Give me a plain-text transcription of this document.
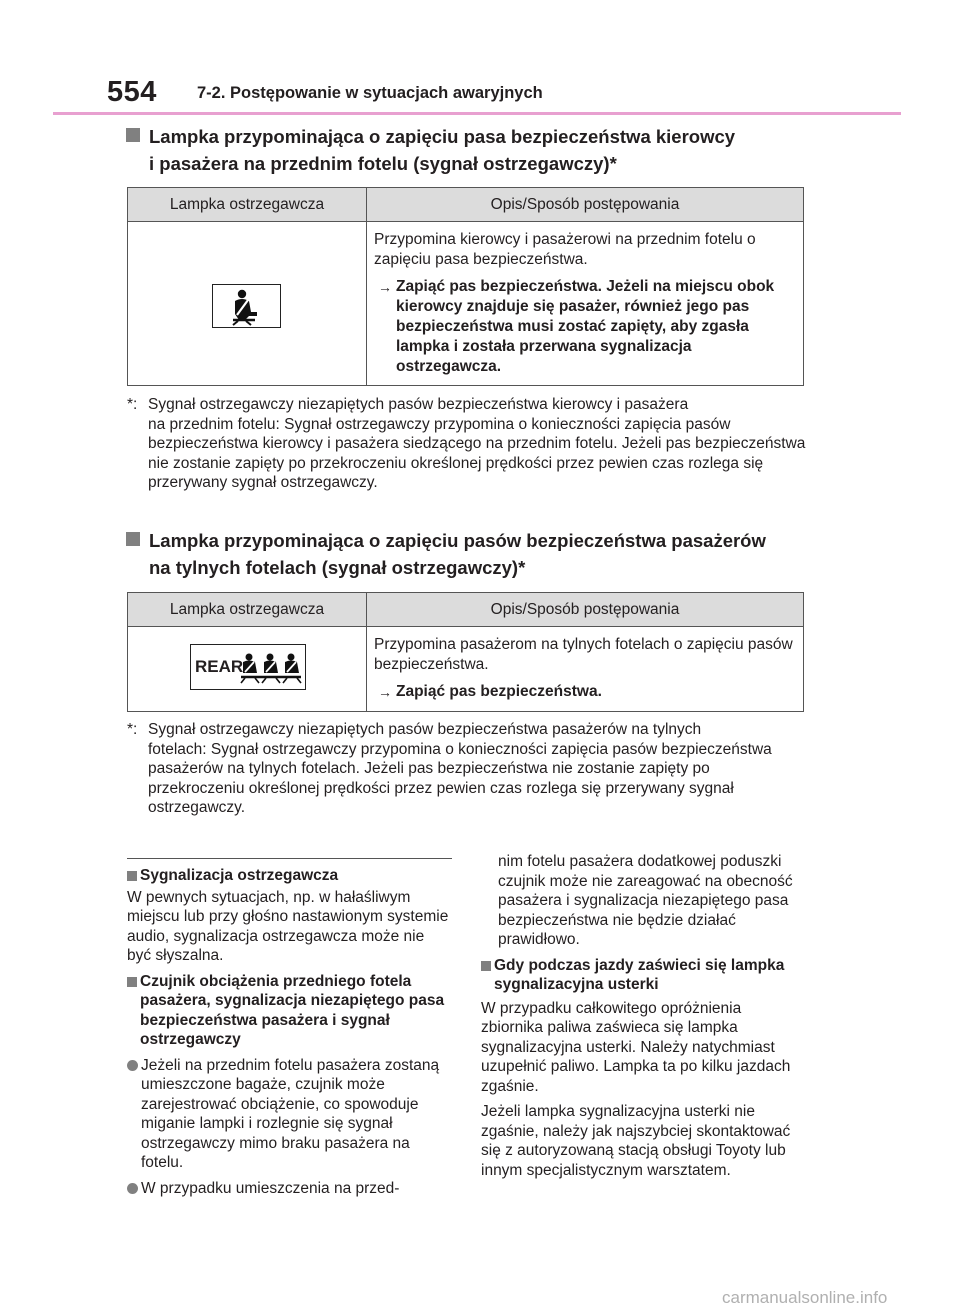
554 7-2. Postępowanie w sytuacjach awaryjnych
Lampka przypominająca o zapięciu pasa bezpieczeństwa kierowcy
i pasażera na przednim fotelu (sygnał ostrzegawczy)*
Lampka ostrzegawcza	Opis/Sposób postępowania

Przypomina kierowcy i pasażerowi na przednim fotelu o zapięciu pasa bezpieczeństwa.

→ Zapiąć pas bezpieczeństwa. Jeżeli na miejscu obok kierowcy znajduje się pasażer, również jego pas bezpieczeństwa musi zostać zapięty, aby zgasła lampka i została przerwana sygnalizacja ostrzegawcza.
*: Sygnał ostrzegawczy niezapiętych pasów bezpieczeństwa kierowcy i pasażera
na przednim fotelu: Sygnał ostrzegawczy przypomina o konieczności zapięcia pasów bezpieczeństwa kierowcy i pasażera siedzącego na przednim fotelu. Jeżeli pas bezpieczeństwa nie zostanie zapięty po przekroczeniu określonej prędkości przez pewien czas rozlega się przerywany sygnał ostrzegawczy.
Lampka przypominająca o zapięciu pasów bezpieczeństwa pasażerów
na tylnych fotelach (sygnał ostrzegawczy)*
Lampka ostrzegawcza	Opis/Sposób postępowania

REAR	Przypomina pasażerom na tylnych fotelach o zapięciu pasów bezpieczeństwa.

→ Zapiąć pas bezpieczeństwa.
*: Sygnał ostrzegawczy niezapiętych pasów bezpieczeństwa pasażerów na tylnych
fotelach: Sygnał ostrzegawczy przypomina o konieczności zapięcia pasów bezpieczeństwa pasażerów na tylnych fotelach. Jeżeli pas bezpieczeństwa nie zostanie zapięty po przekroczeniu określonej prędkości przez pewien czas rozlega się przerywany sygnał ostrzegawczy.
Sygnalizacja ostrzegawcza

W pewnych sytuacjach, np. w hałaśliwym miejscu lub przy głośno nastawionym systemie audio, sygnalizacja ostrzegawcza może nie być słyszalna.

Czujnik obciążenia przedniego fotela pasażera, sygnalizacja niezapiętego pasa bezpieczeństwa pasażera i sygnał ostrzegawczy
Jeżeli na przednim fotelu pasażera zostaną umieszczone bagaże, czujnik może zarejestrować obciążenie, co spowoduje miganie lampki i rozlegnie się sygnał ostrzegawczy mimo braku pasażera na fotelu.
W przypadku umieszczenia na przed-

nim fotelu pasażera dodatkowej poduszki czujnik może nie zareagować na obecność pasażera i sygnalizacja niezapiętego pasa bezpieczeństwa nie będzie działać prawidłowo.

Gdy podczas jazdy zaświeci się lampka sygnalizacyjna usterki

W przypadku całkowitego opróżnienia zbiornika paliwa zaświeca się lampka sygnalizacyjna usterki. Należy natychmiast uzupełnić paliwo. Lampka ta po kilku jazdach zgaśnie.

Jeżeli lampka sygnalizacyjna usterki nie zgaśnie, należy jak najszybciej skontaktować się z autoryzowaną stacją obsługi Toyoty lub innym specjalistycznym warsztatem.

carmanualsonline.info
